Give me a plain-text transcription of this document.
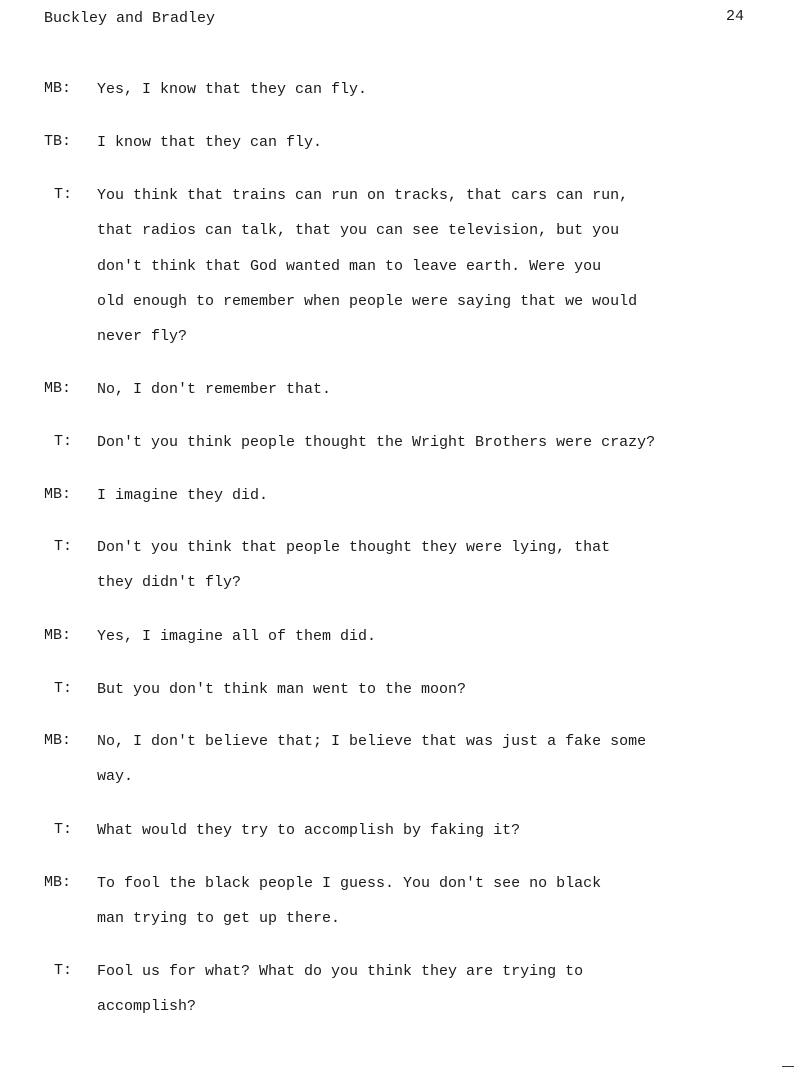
Buckley and Bradley	24
MB:	Yes, I know that they can fly.
TB:	I know that they can fly.
T:	You think that trains can run on tracks, that cars can run,
that radios can talk, that you can see television, but you
don't think that God wanted man to leave earth. Were you
old enough to remember when people were saying that we would
never fly?
MB:	No, I don't remember that.
T:	Don't you think people thought the Wright Brothers were crazy?
MB:	I imagine they did.
T:	Don't you think that people thought they were lying, that
they didn't fly?
MB:	Yes, I imagine all of them did.
T:	But you don't think man went to the moon?
MB:	No, I don't believe that; I believe that was just a fake some
way.
T:	What would they try to accomplish by faking it?
MB:	To fool the black people I guess. You don't see no black
man trying to get up there.
T:	Fool us for what? What do you think they are trying to
accomplish?
